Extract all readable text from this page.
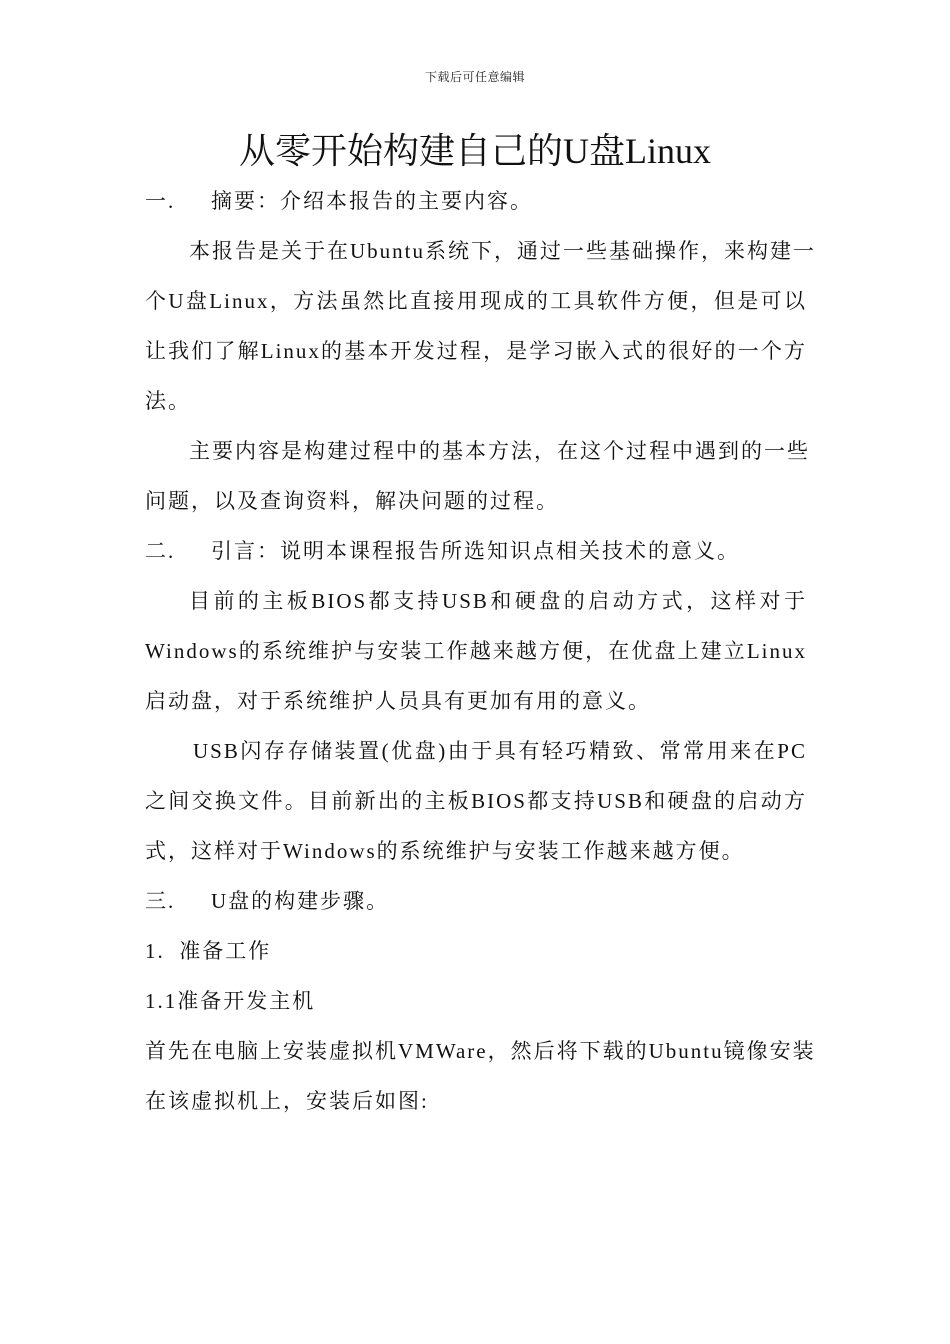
下载后可任意编辑
从零开始构建自己的U盘Linux
一.	摘要：介绍本报告的主要内容。
本报告是关于在Ubuntu系统下，通过一些基础操作，来构建一
个U盘Linux，方法虽然比直接用现成的工具软件方便，但是可以
让我们了解Linux的基本开发过程，是学习嵌入式的很好的一个方
法。
主要内容是构建过程中的基本方法，在这个过程中遇到的一些
问题，以及查询资料，解决问题的过程。
二.	引言：说明本课程报告所选知识点相关技术的意义。
目前的主板BIOS都支持USB和硬盘的启动方式，这样对于
Windows的系统维护与安装工作越来越方便，在优盘上建立Linux
启动盘，对于系统维护人员具有更加有用的意义。
USB闪存存储装置(优盘)由于具有轻巧精致、常常用来在PC
之间交换文件。目前新出的主板BIOS都支持USB和硬盘的启动方
式，这样对于Windows的系统维护与安装工作越来越方便。
三.	U盘的构建步骤。
1.  准备工作
1.1准备开发主机
首先在电脑上安装虚拟机VMWare，然后将下载的Ubuntu镜像安装
在该虚拟机上，安装后如图:
